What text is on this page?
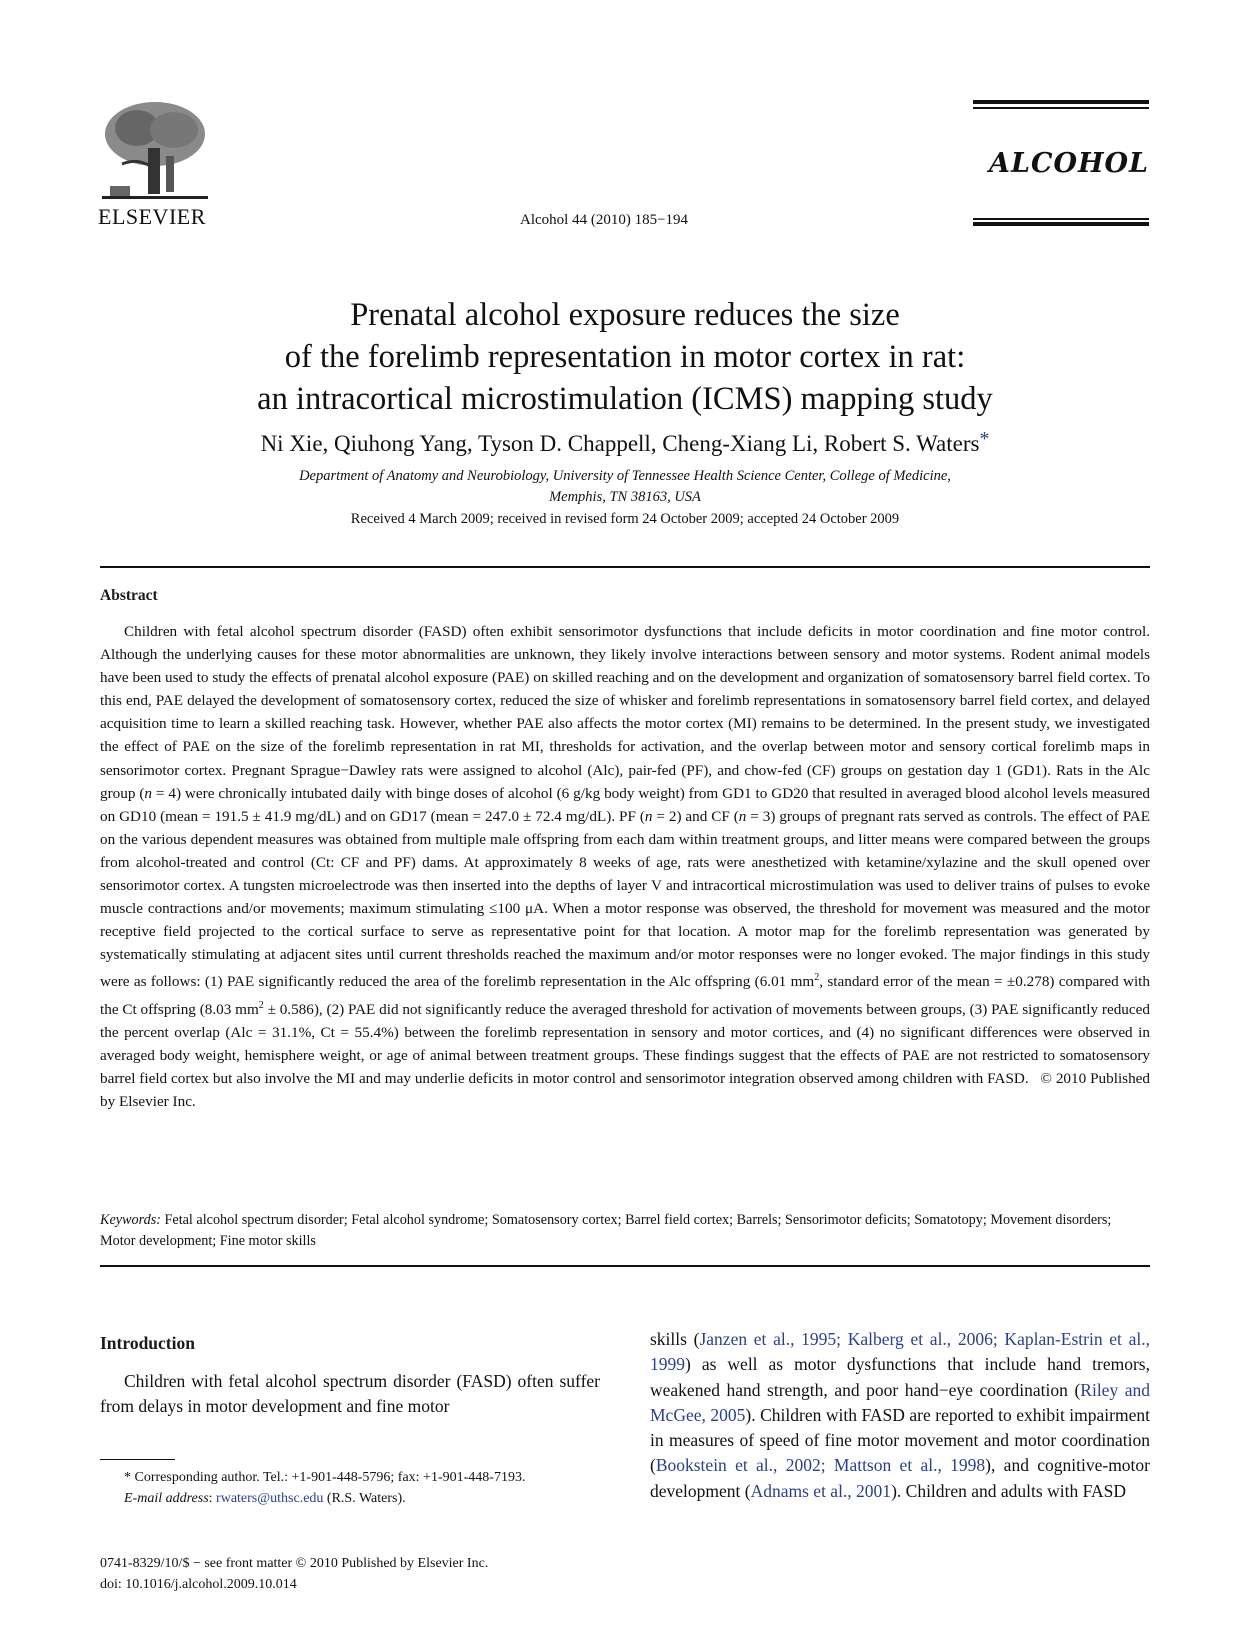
ELSEVIER	Alcohol 44 (2010) 185−194
ALCOHOL
Prenatal alcohol exposure reduces the size
of the forelimb representation in motor cortex in rat:
an intracortical microstimulation (ICMS) mapping study
Ni Xie, Qiuhong Yang, Tyson D. Chappell, Cheng-Xiang Li, Robert S. Waters*
Department of Anatomy and Neurobiology, University of Tennessee Health Science Center, College of Medicine,
Memphis, TN 38163, USA
Received 4 March 2009; received in revised form 24 October 2009; accepted 24 October 2009
Abstract
Children with fetal alcohol spectrum disorder (FASD) often exhibit sensorimotor dysfunctions that include deficits in motor coordination and fine motor control. Although the underlying causes for these motor abnormalities are unknown, they likely involve interactions between sensory and motor systems. Rodent animal models have been used to study the effects of prenatal alcohol exposure (PAE) on skilled reaching and on the development and organization of somatosensory barrel field cortex. To this end, PAE delayed the development of somatosensory cortex, reduced the size of whisker and forelimb representations in somatosensory barrel field cortex, and delayed acquisition time to learn a skilled reaching task. However, whether PAE also affects the motor cortex (MI) remains to be determined. In the present study, we investigated the effect of PAE on the size of the forelimb representation in rat MI, thresholds for activation, and the overlap between motor and sensory cortical forelimb maps in sensorimotor cortex. Pregnant Sprague−Dawley rats were assigned to alcohol (Alc), pair-fed (PF), and chow-fed (CF) groups on gestation day 1 (GD1). Rats in the Alc group (n = 4) were chronically intubated daily with binge doses of alcohol (6 g/kg body weight) from GD1 to GD20 that resulted in averaged blood alcohol levels measured on GD10 (mean = 191.5 ± 41.9 mg/dL) and on GD17 (mean = 247.0 ± 72.4 mg/dL). PF (n = 2) and CF (n = 3) groups of pregnant rats served as controls. The effect of PAE on the various dependent measures was obtained from multiple male offspring from each dam within treatment groups, and litter means were compared between the groups from alcohol-treated and control (Ct: CF and PF) dams. At approximately 8 weeks of age, rats were anesthetized with ketamine/xylazine and the skull opened over sensorimotor cortex. A tungsten microelectrode was then inserted into the depths of layer V and intracortical microstimulation was used to deliver trains of pulses to evoke muscle contractions and/or movements; maximum stimulating ≤100 μA. When a motor response was observed, the threshold for movement was measured and the motor receptive field projected to the cortical surface to serve as representative point for that location. A motor map for the forelimb representation was generated by systematically stimulating at adjacent sites until current thresholds reached the maximum and/or motor responses were no longer evoked. The major findings in this study were as follows: (1) PAE significantly reduced the area of the forelimb representation in the Alc offspring (6.01 $mm^2$, standard error of the mean = ±0.278) compared with the Ct offspring (8.03 $mm^2 \pm 0.586$), (2) PAE did not significantly reduce the averaged threshold for activation of movements between groups, (3) PAE significantly reduced the percent overlap (Alc = 31.1%, Ct = 55.4%) between the forelimb representation in sensory and motor cortices, and (4) no significant differences were observed in averaged body weight, hemisphere weight, or age of animal between treatment groups. These findings suggest that the effects of PAE are not restricted to somatosensory barrel field cortex but also involve the MI and may underlie deficits in motor control and sensorimotor integration observed among children with FASD. © 2010 Published by Elsevier Inc.
Keywords: Fetal alcohol spectrum disorder; Fetal alcohol syndrome; Somatosensory cortex; Barrel field cortex; Barrels; Sensorimotor deficits; Somatotopy; Movement disorders; Motor development; Fine motor skills
Introduction
Children with fetal alcohol spectrum disorder (FASD) often suffer from delays in motor development and fine motor
skills (Janzen et al., 1995; Kalberg et al., 2006; Kaplan-Estrin et al., 1999) as well as motor dysfunctions that include hand tremors, weakened hand strength, and poor hand−eye coordination (Riley and McGee, 2005). Children with FASD are reported to exhibit impairment in measures of speed of fine motor movement and motor coordination (Bookstein et al., 2002; Mattson et al., 1998), and cognitive-motor development (Adnams et al., 2001). Children and adults with FASD
* Corresponding author. Tel.: +1-901-448-5796; fax: +1-901-448-7193.
E-mail address: rwaters@uthsc.edu (R.S. Waters).
0741-8329/10/$ − see front matter © 2010 Published by Elsevier Inc.
doi: 10.1016/j.alcohol.2009.10.014
